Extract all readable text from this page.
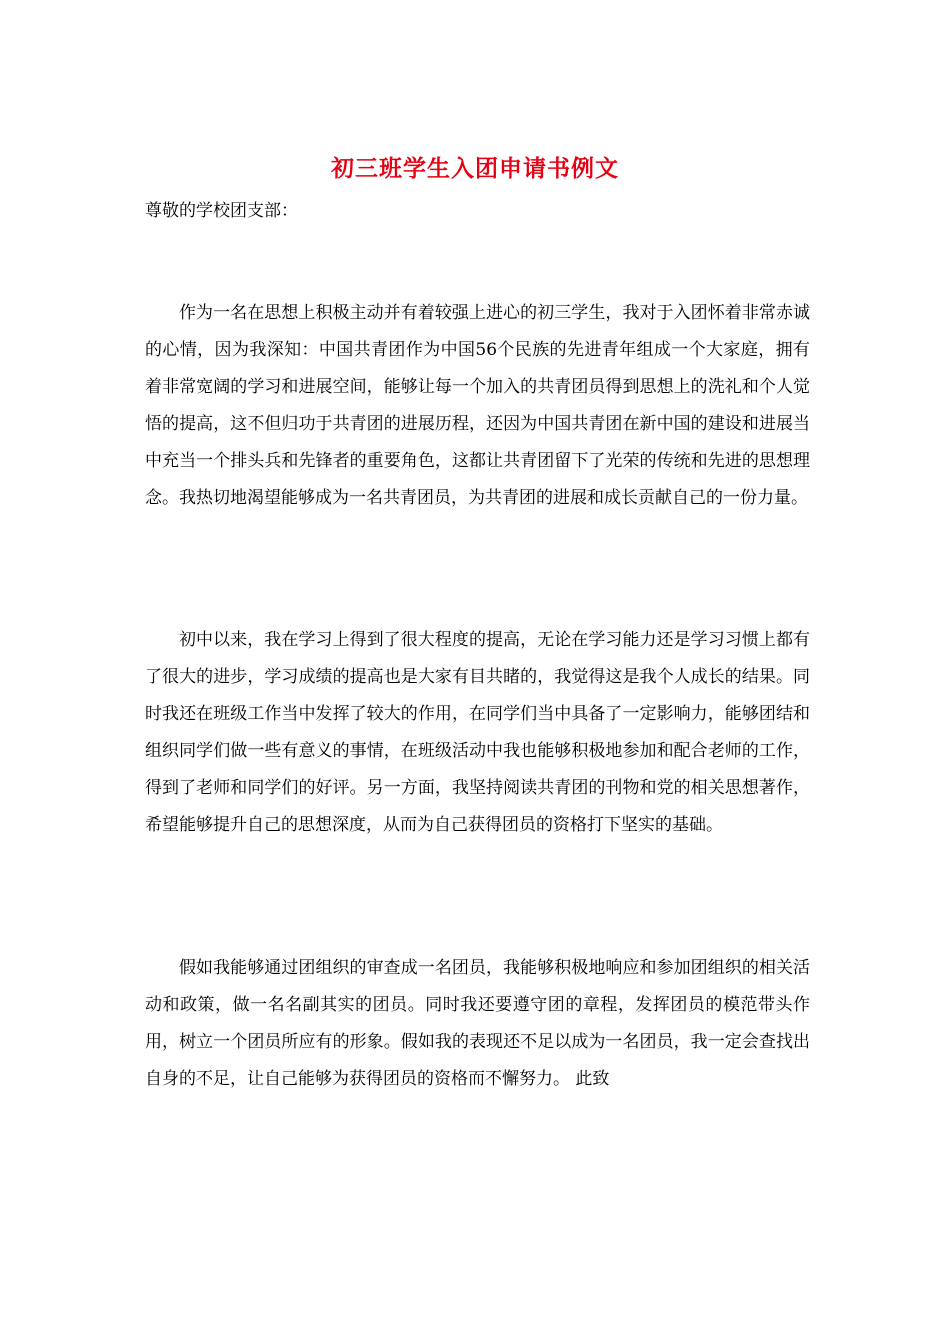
初三班学生入团申请书例文
尊敬的学校团支部：

作为一名在思想上积极主动并有着较强上进心的初三学生，我对于入团怀着非常赤诚的心情，因为我深知：中国共青团作为中国56个民族的先进青年组成一个大家庭，拥有着非常宽阔的学习和进展空间，能够让每一个加入的共青团员得到思想上的洗礼和个人觉悟的提高，这不但归功于共青团的进展历程，还因为中国共青团在新中国的建设和进展当中充当一个排头兵和先锋者的重要角色，这都让共青团留下了光荣的传统和先进的思想理念。我热切地渴望能够成为一名共青团员，为共青团的进展和成长贡献自己的一份力量。

初中以来，我在学习上得到了很大程度的提高，无论在学习能力还是学习习惯上都有了很大的进步，学习成绩的提高也是大家有目共睹的，我觉得这是我个人成长的结果。同时我还在班级工作当中发挥了较大的作用，在同学们当中具备了一定影响力，能够团结和组织同学们做一些有意义的事情，在班级活动中我也能够积极地参加和配合老师的工作，得到了老师和同学们的好评。另一方面，我坚持阅读共青团的刊物和党的相关思想著作，希望能够提升自己的思想深度，从而为自己获得团员的资格打下坚实的基础。

假如我能够通过团组织的审查成一名团员，我能够积极地响应和参加团组织的相关活动和政策，做一名名副其实的团员。同时我还要遵守团的章程，发挥团员的模范带头作用，树立一个团员所应有的形象。假如我的表现还不足以成为一名团员，我一定会查找出自身的不足，让自己能够为获得团员的资格而不懈努力。 此致
